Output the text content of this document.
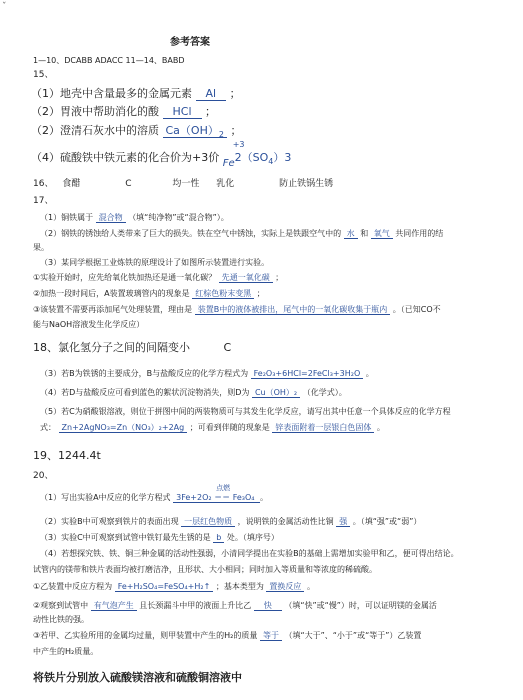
ˇ
参考答案
1—10、DCABB ADACC 11—14、BABD
15、
（1）地壳中含量最多的金属元素 Al ；
（2）胃液中帮助消化的酸 HCl ；
（2）澄清石灰水中的溶质 $Ca(OH)_2$ ；
（4）硫酸铁中铁元素的化合价为+3价
+3
$Fe2(SO_4)3$
16、 食醋	C	均一性 乳化	防止铁锅生锈
17、
（1）铜铁属于 混合物 （填“纯净物”或“混合物”）。
（2）钢铁的锈蚀给人类带来了巨大的损失。铁在空气中锈蚀，实际上是铁跟空气中的 水 和 氧气 共同作用的结
果。
（3）某同学根据工业炼铁的原理设计了如图所示装置进行实验。
①实验开始时，应先给氧化铁加热还是通一氧化碳？ 先通一氧化碳 ；
②加热一段时间后，A装置玻璃管内的现象是 红棕色粉末变黑 ；
③该装置不需要再添加尾气处理装置，理由是 装置B中的液体被排出，尾气中的一氧化碳收集于瓶内 。（已知CO不
能与NaOH溶液发生化学反应）
18、氯化氢分子之间的间隔变小	C
（3）若B为铁锈的主要成分，B与盐酸反应的化学方程式为 Fe₂O₃+6HCl=2FeCl₃+3H₂O 。
（4）若D与盐酸反应可看到蓝色的絮状沉淀物消失，则D为 Cu（OH）₂ （化学式）。
（5）若C为硝酸银溶液，则位于拼图中间的两装物质可与其发生化学反应，请写出其中任意一个具体反应的化学方程
式： Zn+2AgNO₃=Zn（NO₃）₂+2Ag ；可看到伴随的现象是 锌表面附着一层银白色固体 。
19、1244.4t
20、
（1）写出实验A中反应的化学方程式 3Fe+2O₂
点燃
＝＝ Fe₃O₄ 。
（2）实验B中可观察到铁片的表面出现 一层红色物质 ，说明铁的金属活动性比铜 强 。（填“强”或“弱”）
（3）实验C中可观察到试管中铁钉最先生锈的是 b 处。（填序号）
（4）若想探究铁、铁、铜三种金属的活动性强弱，小清同学提出在实验B的基础上需增加实验甲和乙，便可得出结论。
试管内的镁带和铁片表面均被打磨洁净，且形状、大小相同；同时加入等质量和等浓度的稀硫酸。
①乙装置中反应方程为 Fe+H₂SO₄=FeSO₄+H₂↑ ；基本类型为 置换反应 。
②观察到试管中 有气泡产生 且长颈漏斗中甲的液面上升比乙 快 （填“快”或“慢”）时，可以证明镁的金属活
动性比铁的强。
③若甲、乙实验所用的金属均过量，则甲装置中产生的H₂的质量 等于 （填“大于”、“小于”或“等于”）乙装置
中产生的H₂质量。
将铁片分别放入硫酸镁溶液和硫酸铜溶液中
